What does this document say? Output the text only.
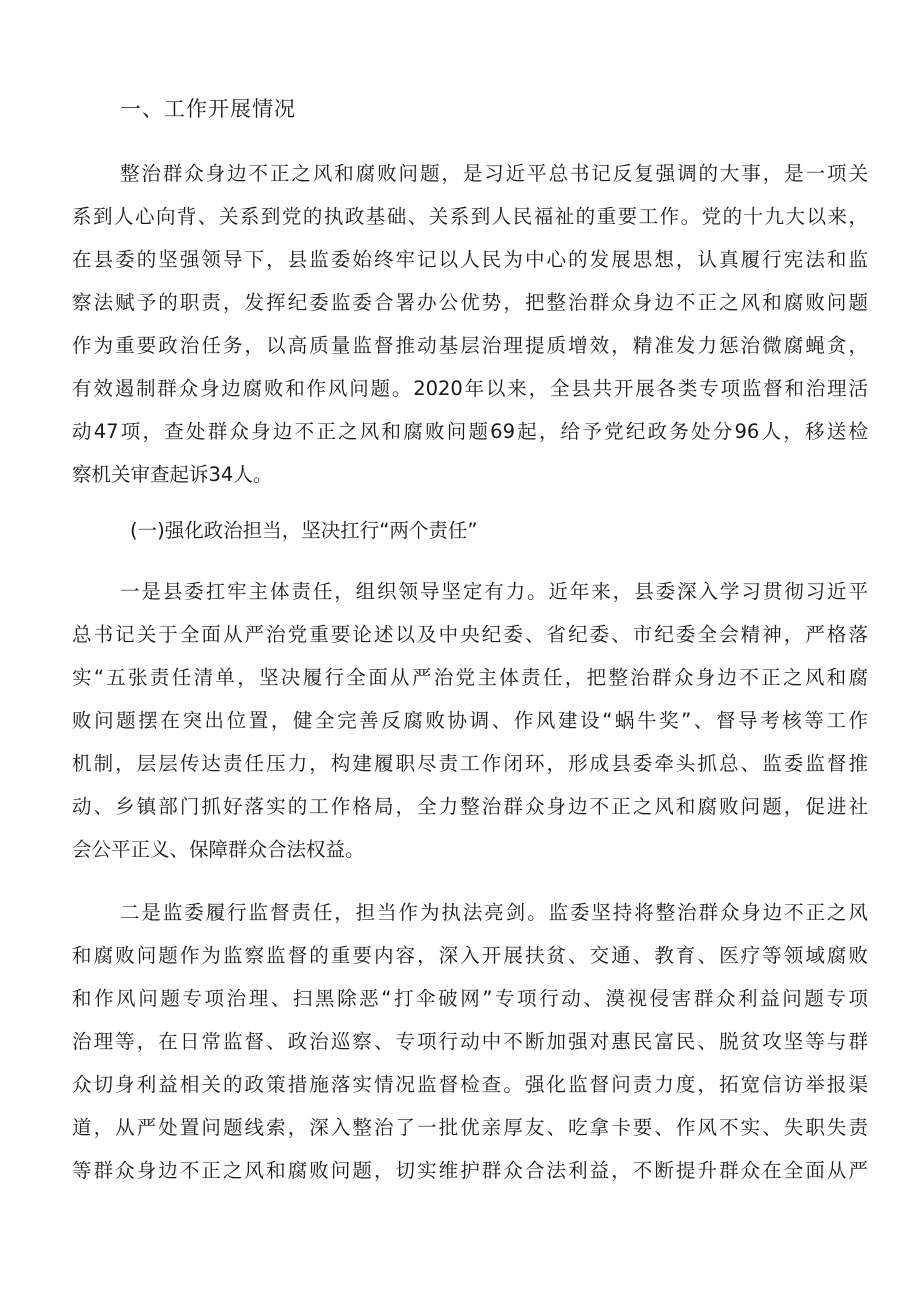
一、工作开展情况
整治群众身边不正之风和腐败问题，是习近平总书记反复强调的大事，是一项关
系到人心向背、关系到党的执政基础、关系到人民福祉的重要工作。党的十九大以来，
在县委的坚强领导下，县监委始终牢记以人民为中心的发展思想，认真履行宪法和监
察法赋予的职责，发挥纪委监委合署办公优势，把整治群众身边不正之风和腐败问题
作为重要政治任务，以高质量监督推动基层治理提质增效，精准发力惩治微腐蝇贪，
有效遏制群众身边腐败和作风问题。2020年以来，全县共开展各类专项监督和治理活
动47项，查处群众身边不正之风和腐败问题69起，给予党纪政务处分96人，移送检
察机关审查起诉34人。
(一)强化政治担当，坚决扛行“两个责任”
一是县委扛牢主体责任，组织领导坚定有力。近年来，县委深入学习贯彻习近平
总书记关于全面从严治党重要论述以及中央纪委、省纪委、市纪委全会精神，严格落
实“五张责任清单，坚决履行全面从严治党主体责任，把整治群众身边不正之风和腐
败问题摆在突出位置，健全完善反腐败协调、作风建设“蜗牛奖”、督导考核等工作
机制，层层传达责任压力，构建履职尽责工作闭环，形成县委牵头抓总、监委监督推
动、乡镇部门抓好落实的工作格局，全力整治群众身边不正之风和腐败问题，促进社
会公平正义、保障群众合法权益。
二是监委履行监督责任，担当作为执法亮剑。监委坚持将整治群众身边不正之风
和腐败问题作为监察监督的重要内容，深入开展扶贫、交通、教育、医疗等领域腐败
和作风问题专项治理、扫黑除恶“打伞破网”专项行动、漠视侵害群众利益问题专项
治理等，在日常监督、政治巡察、专项行动中不断加强对惠民富民、脱贫攻坚等与群
众切身利益相关的政策措施落实情况监督检查。强化监督问责力度，拓宽信访举报渠
道，从严处置问题线索，深入整治了一批优亲厚友、吃拿卡要、作风不实、失职失责
等群众身边不正之风和腐败问题，切实维护群众合法利益，不断提升群众在全面从严
